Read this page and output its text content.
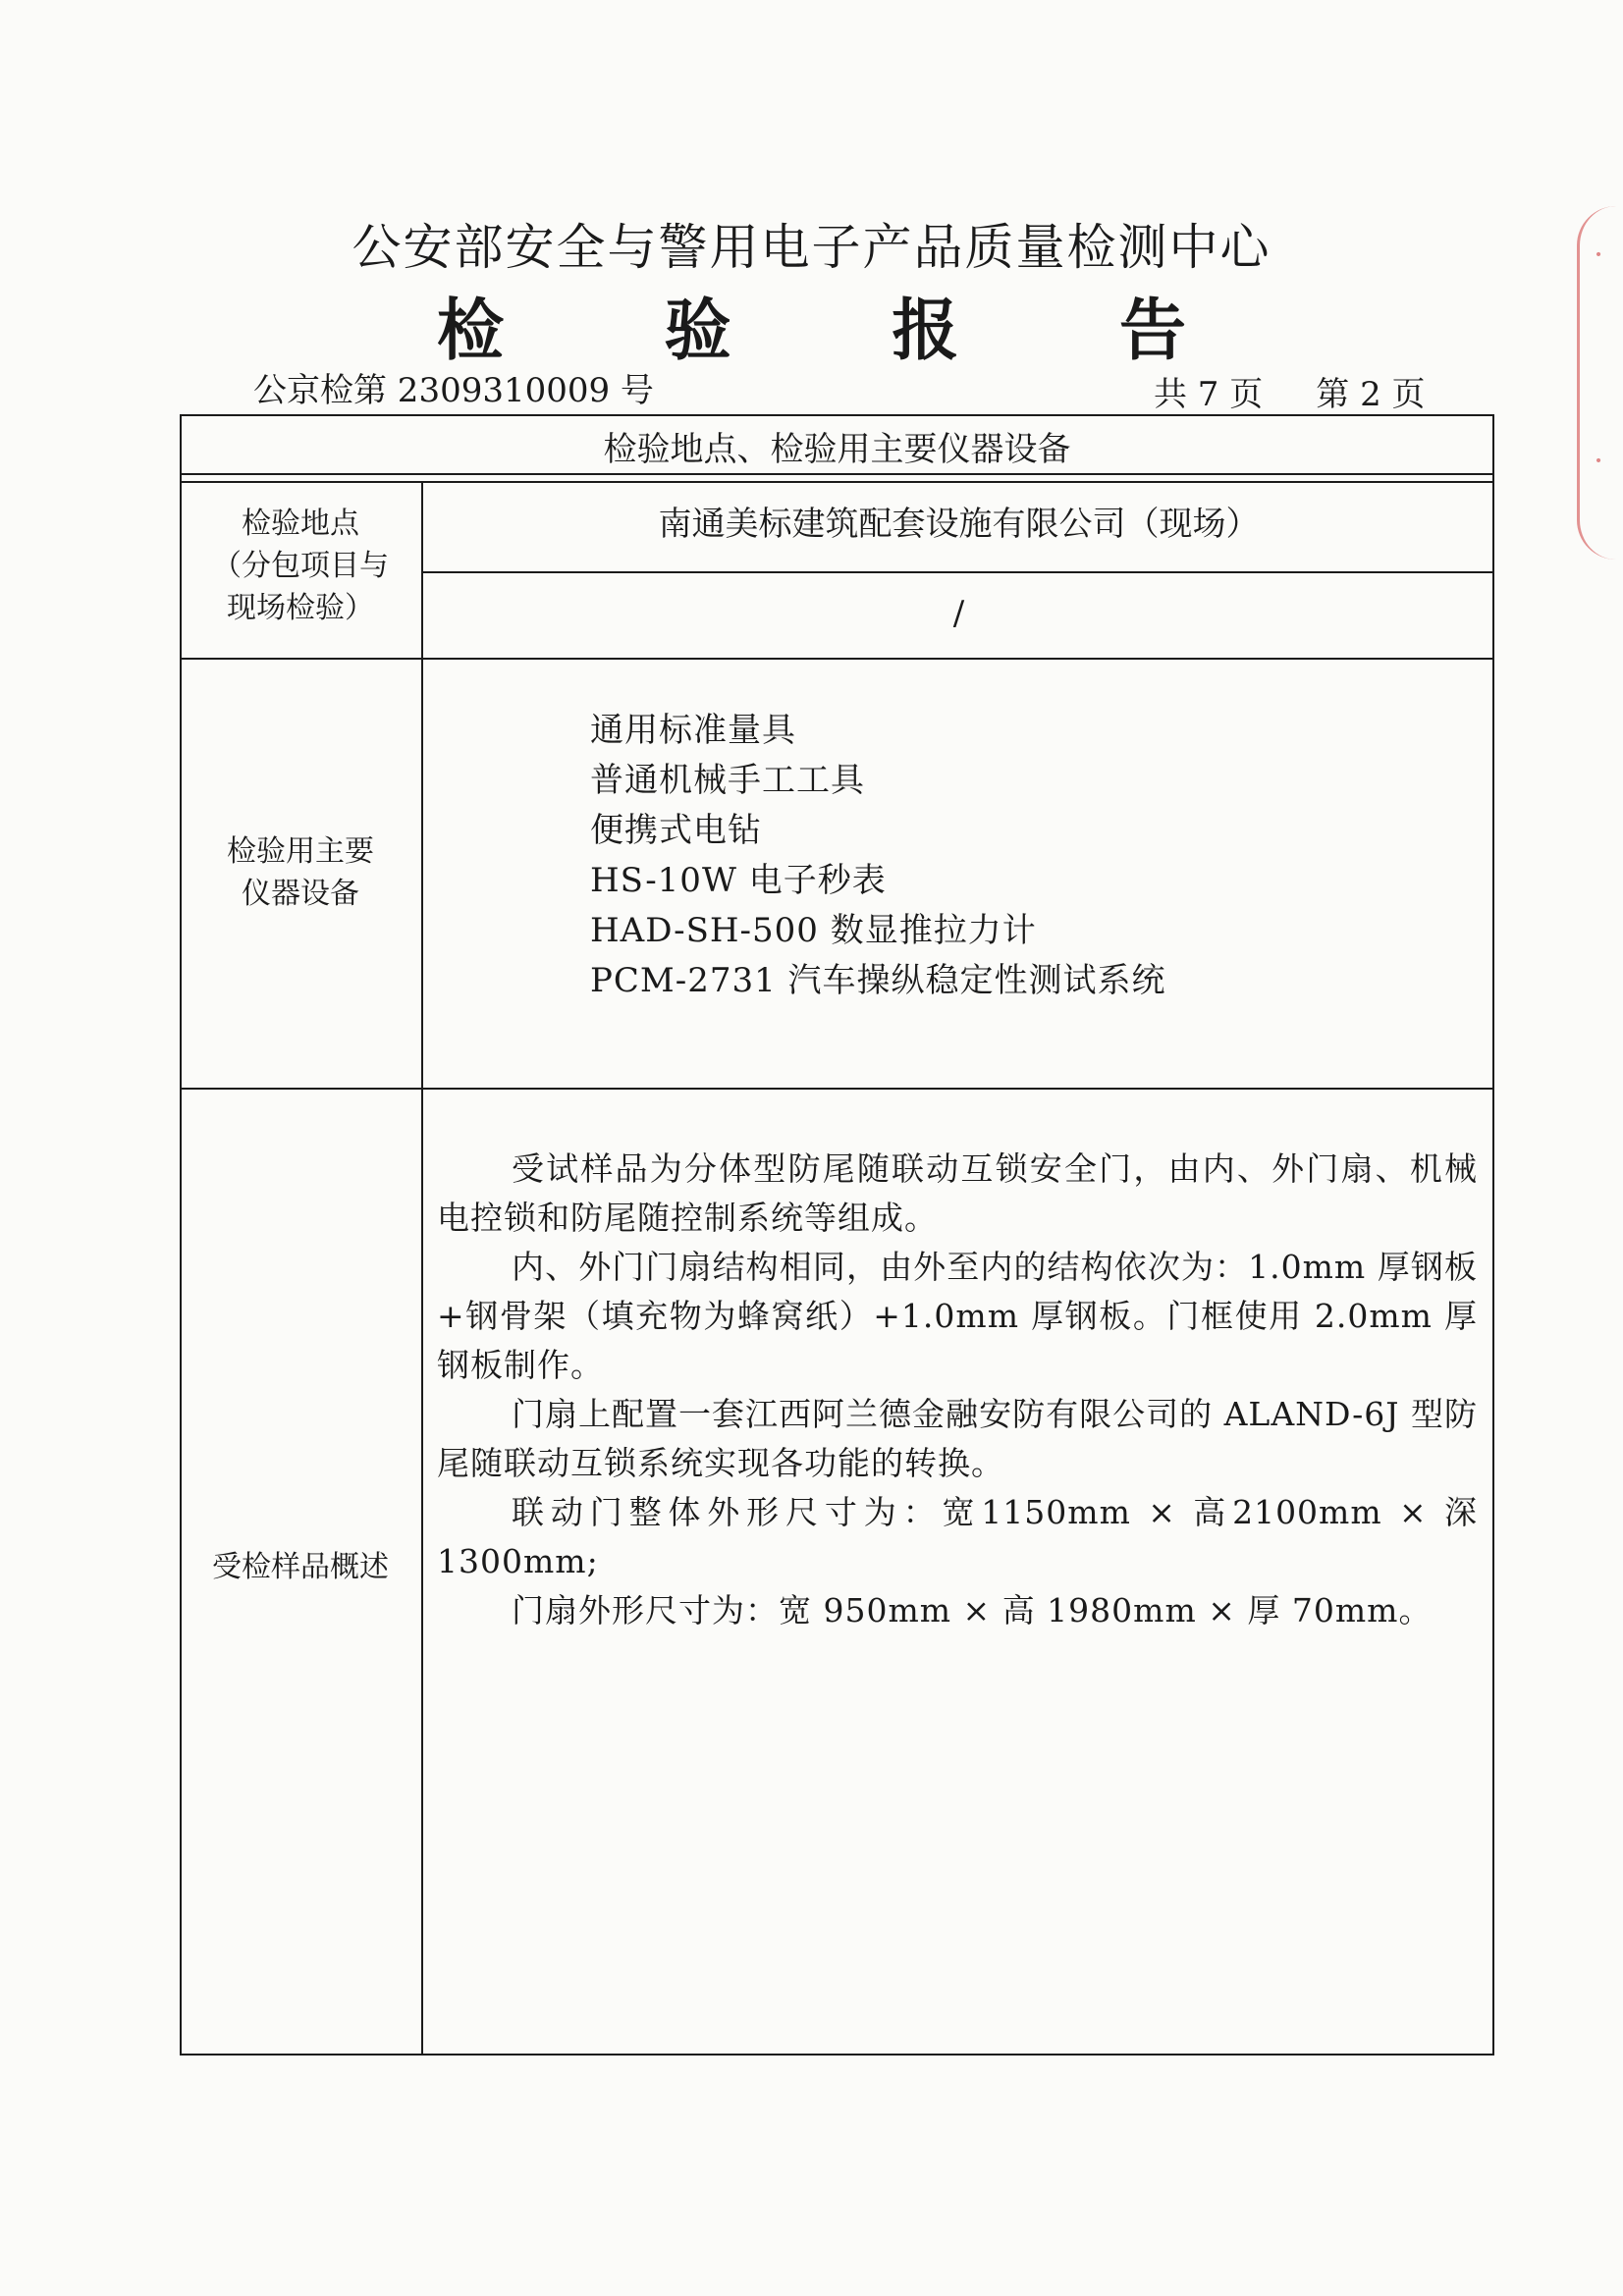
公安部安全与警用电子产品质量检测中心
检 验 报 告
公京检第 2309310009 号	共 7 页     第 2 页
·
·
检验地点、检验用主要仪器设备
检验地点
（分包项目与
现场检验）
南通美标建筑配套设施有限公司（现场）
/
检验用主要
仪器设备
通用标准量具
普通机械手工工具
便携式电钻
HS-10W 电子秒表
HAD-SH-500 数显推拉力计
PCM-2731 汽车操纵稳定性测试系统
受检样品概述

受试样品为分体型防尾随联动互锁安全门，由内、外门扇、机械电控锁和防尾随控制系统等组成。

内、外门门扇结构相同，由外至内的结构依次为：1.0mm 厚钢板+钢骨架（填充物为蜂窝纸）+1.0mm 厚钢板。门框使用 2.0mm 厚钢板制作。

门扇上配置一套江西阿兰德金融安防有限公司的 ALAND-6J 型防尾随联动互锁系统实现各功能的转换。

联动门整体外形尺寸为：宽1150mm × 高2100mm × 深1300mm;

门扇外形尺寸为：宽 950mm × 高 1980mm × 厚 70mm。
